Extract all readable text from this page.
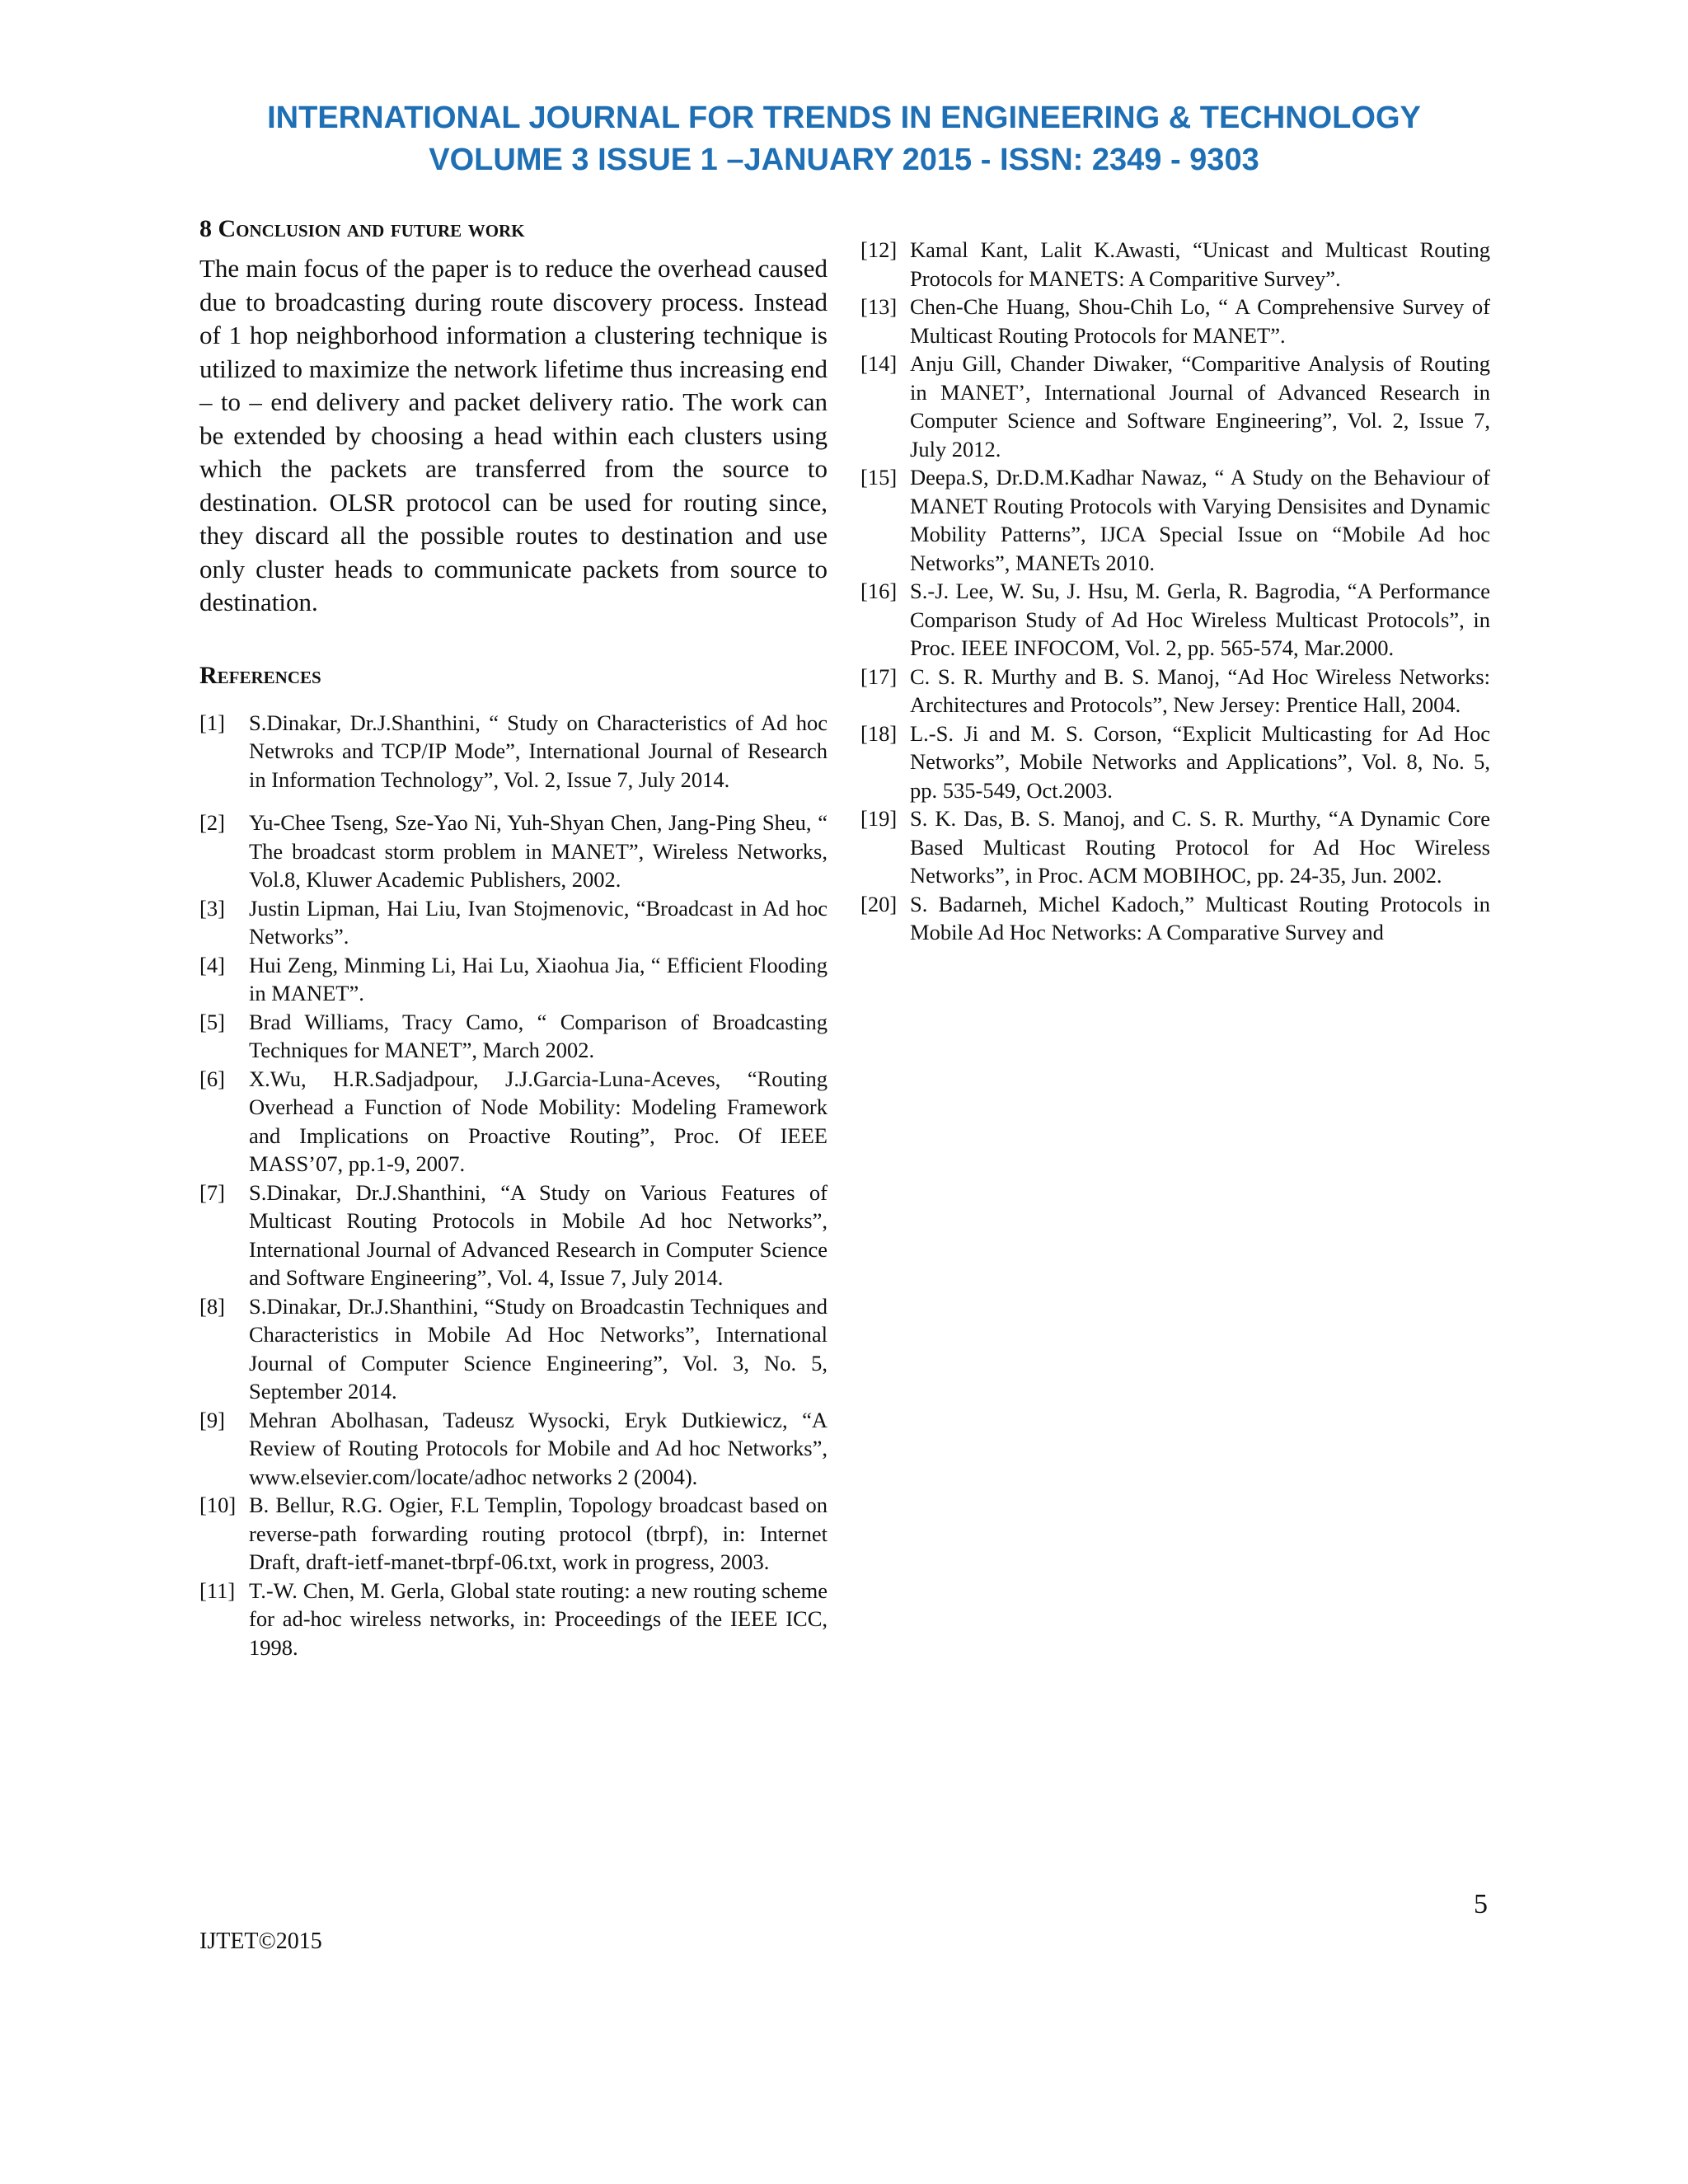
INTERNATIONAL JOURNAL FOR TRENDS IN ENGINEERING & TECHNOLOGY
VOLUME 3 ISSUE 1 –JANUARY 2015 - ISSN: 2349 - 9303
8 Conclusion and future work

The main focus of the paper is to reduce the overhead caused due to broadcasting during route discovery process. Instead of 1 hop neighborhood information a clustering technique is utilized to maximize the network lifetime thus increasing end – to – end delivery and packet delivery ratio. The work can be extended by choosing a head within each clusters using which the packets are transferred from the source to destination. OLSR protocol can be used for routing since, they discard all the possible routes to destination and use only cluster heads to communicate packets from source to destination.

References
[1]	S.Dinakar, Dr.J.Shanthini, “ Study on Characteristics of Ad hoc Netwroks and TCP/IP Mode”, International Journal of Research in Information Technology”, Vol. 2, Issue 7, July 2014.
[2]	Yu-Chee Tseng, Sze-Yao Ni, Yuh-Shyan Chen, Jang-Ping Sheu, “ The broadcast storm problem in MANET”, Wireless Networks, Vol.8, Kluwer Academic Publishers, 2002.
[3]	Justin Lipman, Hai Liu, Ivan Stojmenovic, “Broadcast in Ad hoc Networks”.
[4]	Hui Zeng, Minming Li, Hai Lu, Xiaohua Jia, “ Efficient Flooding in MANET”.
[5]	Brad Williams, Tracy Camo, “ Comparison of Broadcasting Techniques for MANET”, March 2002.
[6]	X.Wu, H.R.Sadjadpour, J.J.Garcia-Luna-Aceves, “Routing Overhead a Function of Node Mobility: Modeling Framework and Implications on Proactive Routing”, Proc. Of IEEE MASS’07, pp.1-9, 2007.
[7]	S.Dinakar, Dr.J.Shanthini, “A Study on Various Features of Multicast Routing Protocols in Mobile Ad hoc Networks”, International Journal of Advanced Research in Computer Science and Software Engineering”, Vol. 4, Issue 7, July 2014.
[8]	S.Dinakar, Dr.J.Shanthini, “Study on Broadcastin Techniques and Characteristics in Mobile Ad Hoc Networks”, International Journal of Computer Science Engineering”, Vol. 3, No. 5, September 2014.
[9]	Mehran Abolhasan, Tadeusz Wysocki, Eryk Dutkiewicz, “A Review of Routing Protocols for Mobile and Ad hoc Networks”, www.elsevier.com/locate/adhoc networks 2 (2004).
[10] B. Bellur, R.G. Ogier, F.L Templin, Topology broadcast based on reverse-path forwarding routing protocol (tbrpf), in: Internet Draft, draft-ietf-manet-tbrpf-06.txt, work in progress, 2003.
[11] T.-W. Chen, M. Gerla, Global state routing: a new routing scheme for ad-hoc wireless networks, in: Proceedings of the IEEE ICC, 1998.
[12] Kamal Kant, Lalit K.Awasti, “Unicast and Multicast Routing Protocols for MANETS: A Comparitive Survey”.
[13] Chen-Che Huang, Shou-Chih Lo, “ A Comprehensive Survey of Multicast Routing Protocols for MANET”.
[14] Anju Gill, Chander Diwaker, “Comparitive Analysis of Routing in MANET’, International Journal of Advanced Research in Computer Science and Software Engineering”, Vol. 2, Issue 7, July 2012.
[15] Deepa.S, Dr.D.M.Kadhar Nawaz, “ A Study on the Behaviour of MANET Routing Protocols with Varying Densisites and Dynamic Mobility Patterns”, IJCA Special Issue on “Mobile Ad hoc Networks”, MANETs 2010.
[16] S.-J. Lee, W. Su, J. Hsu, M. Gerla, R. Bagrodia, “A Performance Comparison Study of Ad Hoc Wireless Multicast Protocols”, in Proc. IEEE INFOCOM, Vol. 2, pp. 565-574, Mar.2000.
[17] C. S. R. Murthy and B. S. Manoj, “Ad Hoc Wireless Networks: Architectures and Protocols”, New Jersey: Prentice Hall, 2004.
[18] L.-S. Ji and M. S. Corson, “Explicit Multicasting for Ad Hoc Networks”, Mobile Networks and Applications”, Vol. 8, No. 5, pp. 535-549, Oct.2003.
[19] S. K. Das, B. S. Manoj, and C. S. R. Murthy, “A Dynamic Core Based Multicast Routing Protocol for Ad Hoc Wireless Networks”, in Proc. ACM MOBIHOC, pp. 24-35, Jun. 2002.
[20] S. Badarneh, Michel Kadoch,” Multicast Routing Protocols in Mobile Ad Hoc Networks: A Comparative Survey and
5
IJTET©2015
